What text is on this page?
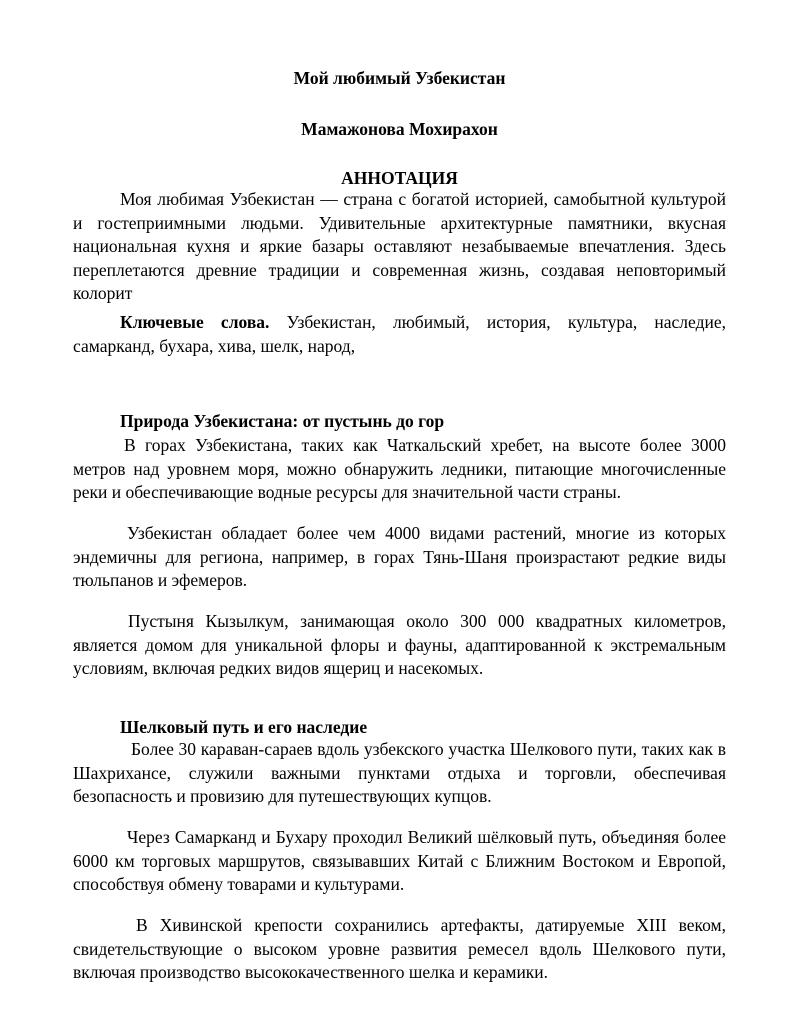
Мой любимый Узбекистан

Мамажонова Мохирахон

АННОТАЦИЯ

Моя любимая Узбекистан — страна с богатой историей, самобытной культурой и гостеприимными людьми. Удивительные архитектурные памятники, вкусная национальная кухня и яркие базары оставляют незабываемые впечатления. Здесь переплетаются древние традиции и современная жизнь, создавая неповторимый колорит

Ключевые слова. Узбекистан, любимый, история, культура, наследие, самарканд, бухара, хива, шелк, народ,

Природа Узбекистана: от пустынь до гор

В горах Узбекистана, таких как Чаткальский хребет, на высоте более 3000 метров над уровнем моря, можно обнаружить ледники, питающие многочисленные реки и обеспечивающие водные ресурсы для значительной части страны.

Узбекистан обладает более чем 4000 видами растений, многие из которых эндемичны для региона, например, в горах Тянь-Шаня произрастают редкие виды тюльпанов и эфемеров.

Пустыня Кызылкум, занимающая около 300 000 квадратных километров, является домом для уникальной флоры и фауны, адаптированной к экстремальным условиям, включая редких видов ящериц и насекомых.

Шелковый путь и его наследие

Более 30 караван-сараев вдоль узбекского участка Шелкового пути, таких как в Шахрихансе, служили важными пунктами отдыха и торговли, обеспечивая безопасность и провизию для путешествующих купцов.

Через Самарканд и Бухару проходил Великий шёлковый путь, объединяя более 6000 км торговых маршрутов, связывавших Китай с Ближним Востоком и Европой, способствуя обмену товарами и культурами.

В Хивинской крепости сохранились артефакты, датируемые XIII веком, свидетельствующие о высоком уровне развития ремесел вдоль Шелкового пути, включая производство высококачественного шелка и керамики.
